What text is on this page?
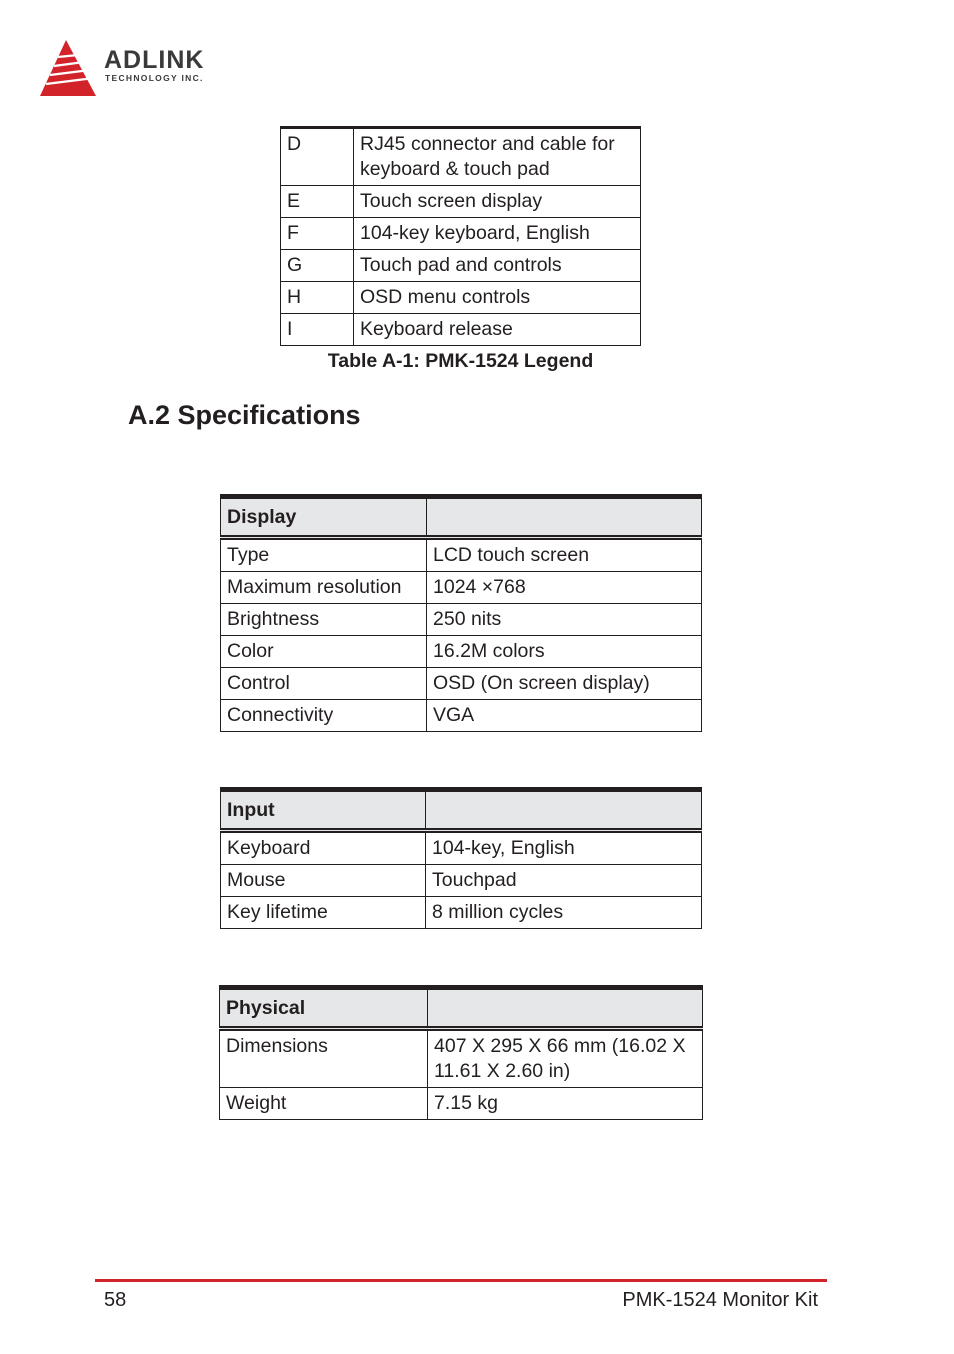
ADLINK
TECHNOLOGY INC.
D	RJ45 connector and cable for keyboard & touch pad
E	Touch screen display
F	104-key keyboard, English
G	Touch pad and controls
H	OSD menu controls
I	Keyboard release
Table A-1: PMK-1524 Legend
A.2 Specifications
Display	
Type	LCD touch screen
Maximum resolution	1024 ×768
Brightness	250 nits
Color	16.2M colors
Control	OSD (On screen display)
Connectivity	VGA
Input	
Keyboard	104-key, English
Mouse	Touchpad
Key lifetime	8 million cycles
Physical	
Dimensions	407 X 295 X 66 mm (16.02 X 11.61 X 2.60 in)
Weight	7.15 kg
58	PMK-1524 Monitor Kit
